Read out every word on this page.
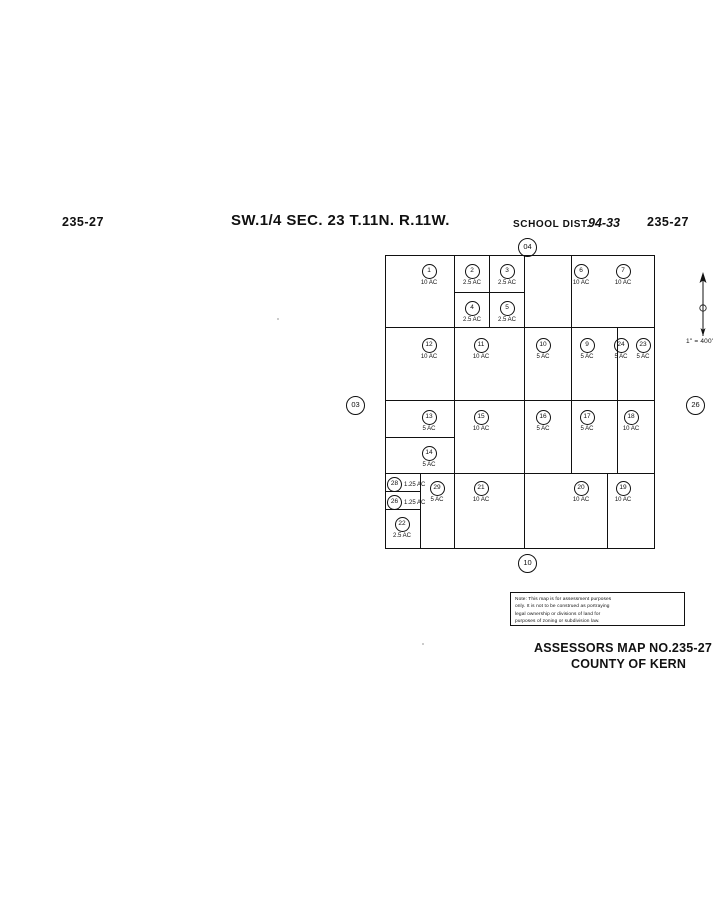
235-27	SW.1/4 SEC. 23 T.11N. R.11W.	SCHOOL DIST.
94-33 235-27
04
03	26
10
1" = 400'
1
10 AC
2
2.5 AC
3
2.5 AC
4
2.5 AC
5
2.5 AC
6
10 AC
7
10 AC
12
10 AC
11
10 AC
10
5 AC
9
5 AC
24
5 AC
23
5 AC
13
5 AC
15
10 AC
16
5 AC
17
5 AC
18
10 AC
14
5 AC
28 1.25 AC
26 1.25 AC
22
2.5 AC
29
5 AC
21
10 AC
20
10 AC
19
10 AC
Note: This map is for assessment purposes
only. It is not to be construed as portraying
legal ownership or divisions of land for
purposes of zoning or subdivision law.
ASSESSORS MAP NO.235-27
COUNTY OF KERN
